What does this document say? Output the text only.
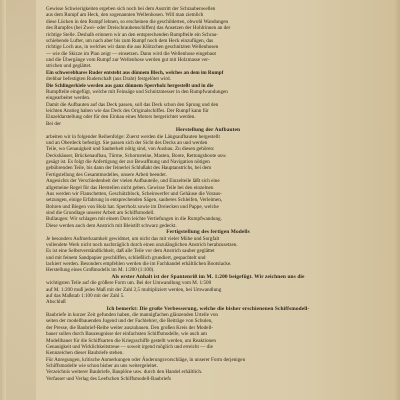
Gewisse Schwierigkeiten ergeben sich noch bei dem Austritt der Schraubenwellen

aus dem Rumpf am Heck, den sogenannten Wellenhosen. Will man ziemlich

diese Lücken in den Rumpf lehnen, so erscheinen die geschilderten, obwohl Wandungen

des Rumpfes (bei Zwei- oder Dreischraubenschiffen) das Ansetzen der Hohlrinnen an der

richtige Stelle. Deshalb erinnern wir an den entsprechenden Rumpfteile ein Schrau-

schiebende Lufter, um nach aber bis zum Rumpf noch dem Heck einzufügen, das

richtige Loch aus, in welches wir dann die aus Klötzchen geschnitzten Wellenhosen

— wie die Skizze im Plan zeigt — einsetzen. Dann wird die Wellenhose eingebaut

und die Übergänge vom Rumpf zur Wellenhose werden gut mit Holzmasse ver-

strichen und geglättet.

Ein schwerebhares Ruder entsteht aus dünnem Blech, welches an dem im Rumpf

drehbar befestigten Ruderschaft (aus Draht) festgelötet wird.

Die Schlingerkiele werden aus ganz dünnem Sperrholz hergestellt und in die

Rumpfteile eingefügt, welche mit Feinsäge und Schnitzmesser in den Rumpfwandungen

eingearbeitet werden.

Damit die Aufbauten auf das Deck passen, soll das Deck schon den Sprung und den

leichten Anstieg haben wie das Deck des Originalschiffes. Der Rumpf kann für

Einzeldarstellung oder für den Einbau eines Motors hergerichtet werden.

Bei der

Herstellung der Aufbauten

arbeiten wir in folgender Reihenfolge: Zuerst werden die Längsaufbauten hergestellt

und an Oberdeck befestigt. Sie passen sich der Sicht des Decks an und werden

Teile, wo Genauigkeit und Sauberkeit nötig sind, von Ausbau. Zu diesen gehören:

Deckshäuser, Brückenaufbau, Türme, Schornsteine, Masten, Boote, Rettungsboote usw.

gesägt ist. Es folgt die Anfertigung der zur Bewaffnung und Navigation nötigen

gebührenden Teile, bis dann der feinerlei Schlußakt des Hauptanstrichs, bei dem

Fertigstellung des Gesamtmodelles, unsere Arbeit beendet.

Angesichts der Verschiedenheit der vielen Aufbauteile, und Einzelteile läßt sich eine

allgemeine Regel für das Herstellen nicht geben. Gewisse Teile bei den einzelnen

Aus werden wir Flanschetten, Geschützblock, Scheinwerfer und Gehäuse die Voraus-

setzungen, einige Erfahrung in entsprechenden Sägen, sauberes Schleifen, Verleimen,

Bohren und Biegen von Holz hat. Sperrholz sowie im Dreiecken und Pappe, welche

sind die Grundlage unserer Arbeit am Schiffsmodell.

Bullaugen: Wir schlagen mit einem Dorn leichte Vertiefungen in die Rumpfwandung.

Diese werden auch dem Anstrich mit Bleistift schwarz gedeckt.

Fertigstellung des fertigen Modells

Je besonders Aufmerksamkeit gewidmet, um nicht das mit vieler Mühe und Sorgfalt

vollendete Werk nicht noch nachträglich durch einen unzulänglichen Anstrich herabzusetzen.

Es ist eine Selbstverständlichkeit, daß alle Teile vor dem Anstrich sauber geglättet

und mit feinem Sandpapier geschliffen, schließlich grundiert, gespachtelt und

lackiert werden. Besonders empfehlen werden die im Fachhandel erhältlichen Bootslacke.

Herstellung eines Großmodells im M. 1:200 (1:100).

Als erster Anhalt ist der Spantenriß im M. 1:200 beigefügt. Wir zeichnen uns die

wichtigsten Teile auf die größere Form um. Bei der Umwandlung vom M. 1:500

auf M. 1:200 muß jedes Maß mit der Zahl 2,5 multipliziert werden, bei Umwandlung

auf das Maßstab 1:100 mit der Zahl 5.

Abschluß

Ich bemerkt: Die große Verbesserung, welche die bisher erschienenen Schiffsmodell-

Baubriefe in kurzer Zeit gefunden haben, die mannigfachen glänzenden Urteile von

seiten der modellbauenden Jugend und der Fachlehrer, die Beiträge von Schulen,

der Presse, die Baubrief-Reihe weiter auszubauen. Den großen Kreis der Modell-

bauer sollen durch Bauzeugnisse der einfachsten Schiffsmodelle, wie auch am

Modellbauer für die Schiffsarten die Kriegsschiffe gestellt werden, um Reaktionen

Genauigkeit und Wirklichkeitstreue — soweit irgend möglich und erreicht — die

Kennzeichen dieser Baubriefe stehen.

Für Anregungen, kritische Anmerkungen oder Änderungsvorschläge, in unserer Form derjenigen

Schiffsmodelle wie schon bisher an uns weitergeleitet.

Verzeichnis weiterer Baubriefe, Bauplöne usw. durch den Handel erhältlich.

Verfasser und Verlag des Leefschen Schiffsmodell-Baubriefs
